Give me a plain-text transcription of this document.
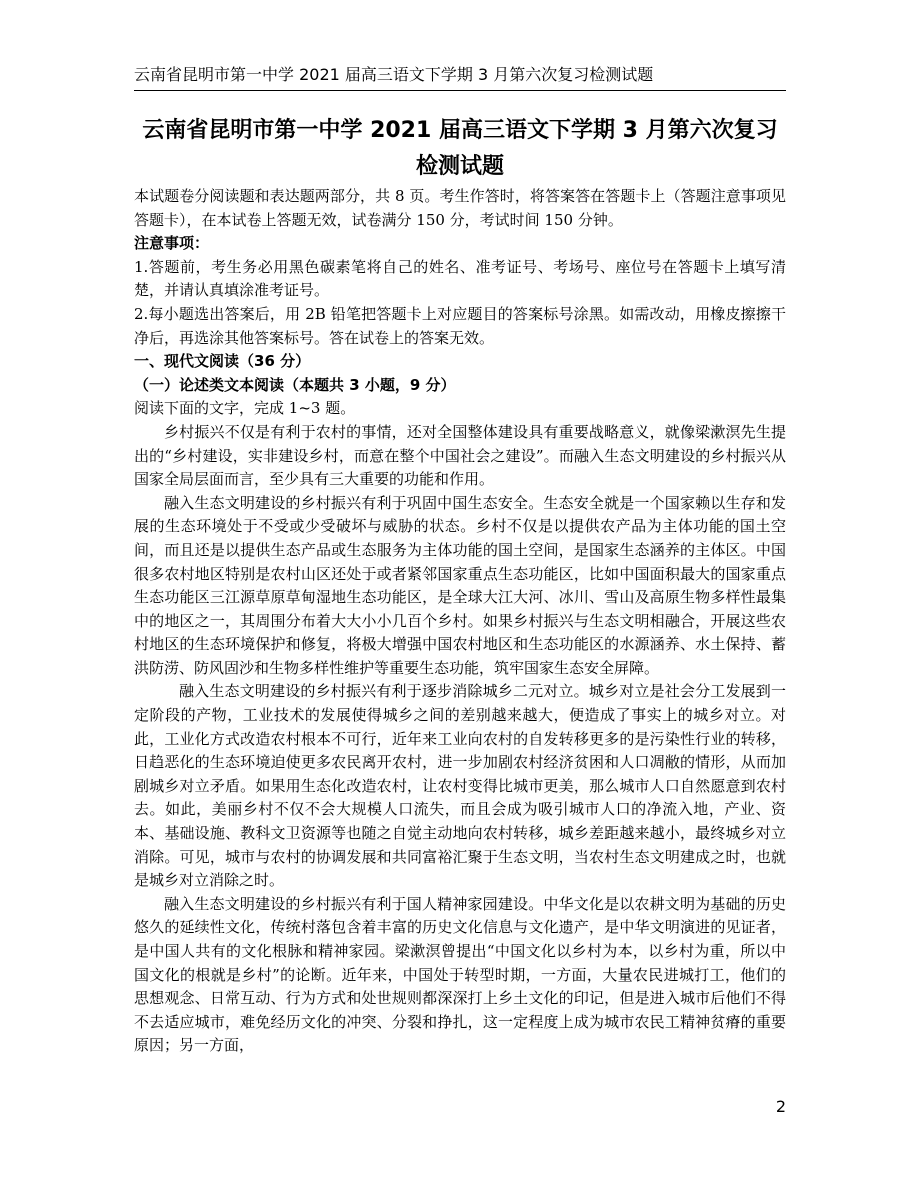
云南省昆明市第一中学 2021 届高三语文下学期 3 月第六次复习检测试题
云南省昆明市第一中学 2021 届高三语文下学期 3 月第六次复习检测试题

本试题卷分阅读题和表达题两部分，共 8 页。考生作答时，将答案答在答题卡上（答题注意事项见答题卡），在本试卷上答题无效，试卷满分 150 分，考试时间 150 分钟。

注意事项：

1.答题前，考生务必用黑色碳素笔将自己的姓名、准考证号、考场号、座位号在答题卡上填写清楚，并请认真填涂准考证号。

2.每小题选出答案后，用 2B 铅笔把答题卡上对应题目的答案标号涂黑。如需改动，用橡皮擦擦干净后，再选涂其他答案标号。答在试卷上的答案无效。

一、现代文阅读（36 分）

（一）论述类文本阅读（本题共 3 小题，9 分）

阅读下面的文字，完成 1~3 题。

乡村振兴不仅是有利于农村的事情，还对全国整体建设具有重要战略意义，就像梁漱溟先生提出的“乡村建设，实非建设乡村，而意在整个中国社会之建设”。而融入生态文明建设的乡村振兴从国家全局层面而言，至少具有三大重要的功能和作用。

融入生态文明建设的乡村振兴有利于巩固中国生态安全。生态安全就是一个国家赖以生存和发展的生态环境处于不受或少受破坏与威胁的状态。乡村不仅是以提供农产品为主体功能的国土空间，而且还是以提供生态产品或生态服务为主体功能的国土空间，是国家生态涵养的主体区。中国很多农村地区特别是农村山区还处于或者紧邻国家重点生态功能区，比如中国面积最大的国家重点生态功能区三江源草原草甸湿地生态功能区，是全球大江大河、冰川、雪山及高原生物多样性最集中的地区之一，其周围分布着大大小小几百个乡村。如果乡村振兴与生态文明相融合，开展这些农村地区的生态环境保护和修复，将极大增强中国农村地区和生态功能区的水源涵养、水土保持、蓄洪防涝、防风固沙和生物多样性维护等重要生态功能，筑牢国家生态安全屏障。

融入生态文明建设的乡村振兴有利于逐步消除城乡二元对立。城乡对立是社会分工发展到一定阶段的产物，工业技术的发展使得城乡之间的差别越来越大，便造成了事实上的城乡对立。对此，工业化方式改造农村根本不可行，近年来工业向农村的自发转移更多的是污染性行业的转移，日趋恶化的生态环境迫使更多农民离开农村，进一步加剧农村经济贫困和人口凋敝的情形，从而加剧城乡对立矛盾。如果用生态化改造农村，让农村变得比城市更美，那么城市人口自然愿意到农村去。如此，美丽乡村不仅不会大规模人口流失，而且会成为吸引城市人口的净流入地，产业、资本、基础设施、教科文卫资源等也随之自觉主动地向农村转移，城乡差距越来越小，最终城乡对立消除。可见，城市与农村的协调发展和共同富裕汇聚于生态文明，当农村生态文明建成之时，也就是城乡对立消除之时。

融入生态文明建设的乡村振兴有利于国人精神家园建设。中华文化是以农耕文明为基础的历史悠久的延续性文化，传统村落包含着丰富的历史文化信息与文化遗产，是中华文明演进的见证者，是中国人共有的文化根脉和精神家园。梁漱溟曾提出“中国文化以乡村为本，以乡村为重，所以中国文化的根就是乡村”的论断。近年来，中国处于转型时期，一方面，大量农民进城打工，他们的思想观念、日常互动、行为方式和处世规则都深深打上乡土文化的印记，但是进入城市后他们不得不去适应城市，难免经历文化的冲突、分裂和挣扎，这一定程度上成为城市农民工精神贫瘠的重要原因；另一方面，

2
